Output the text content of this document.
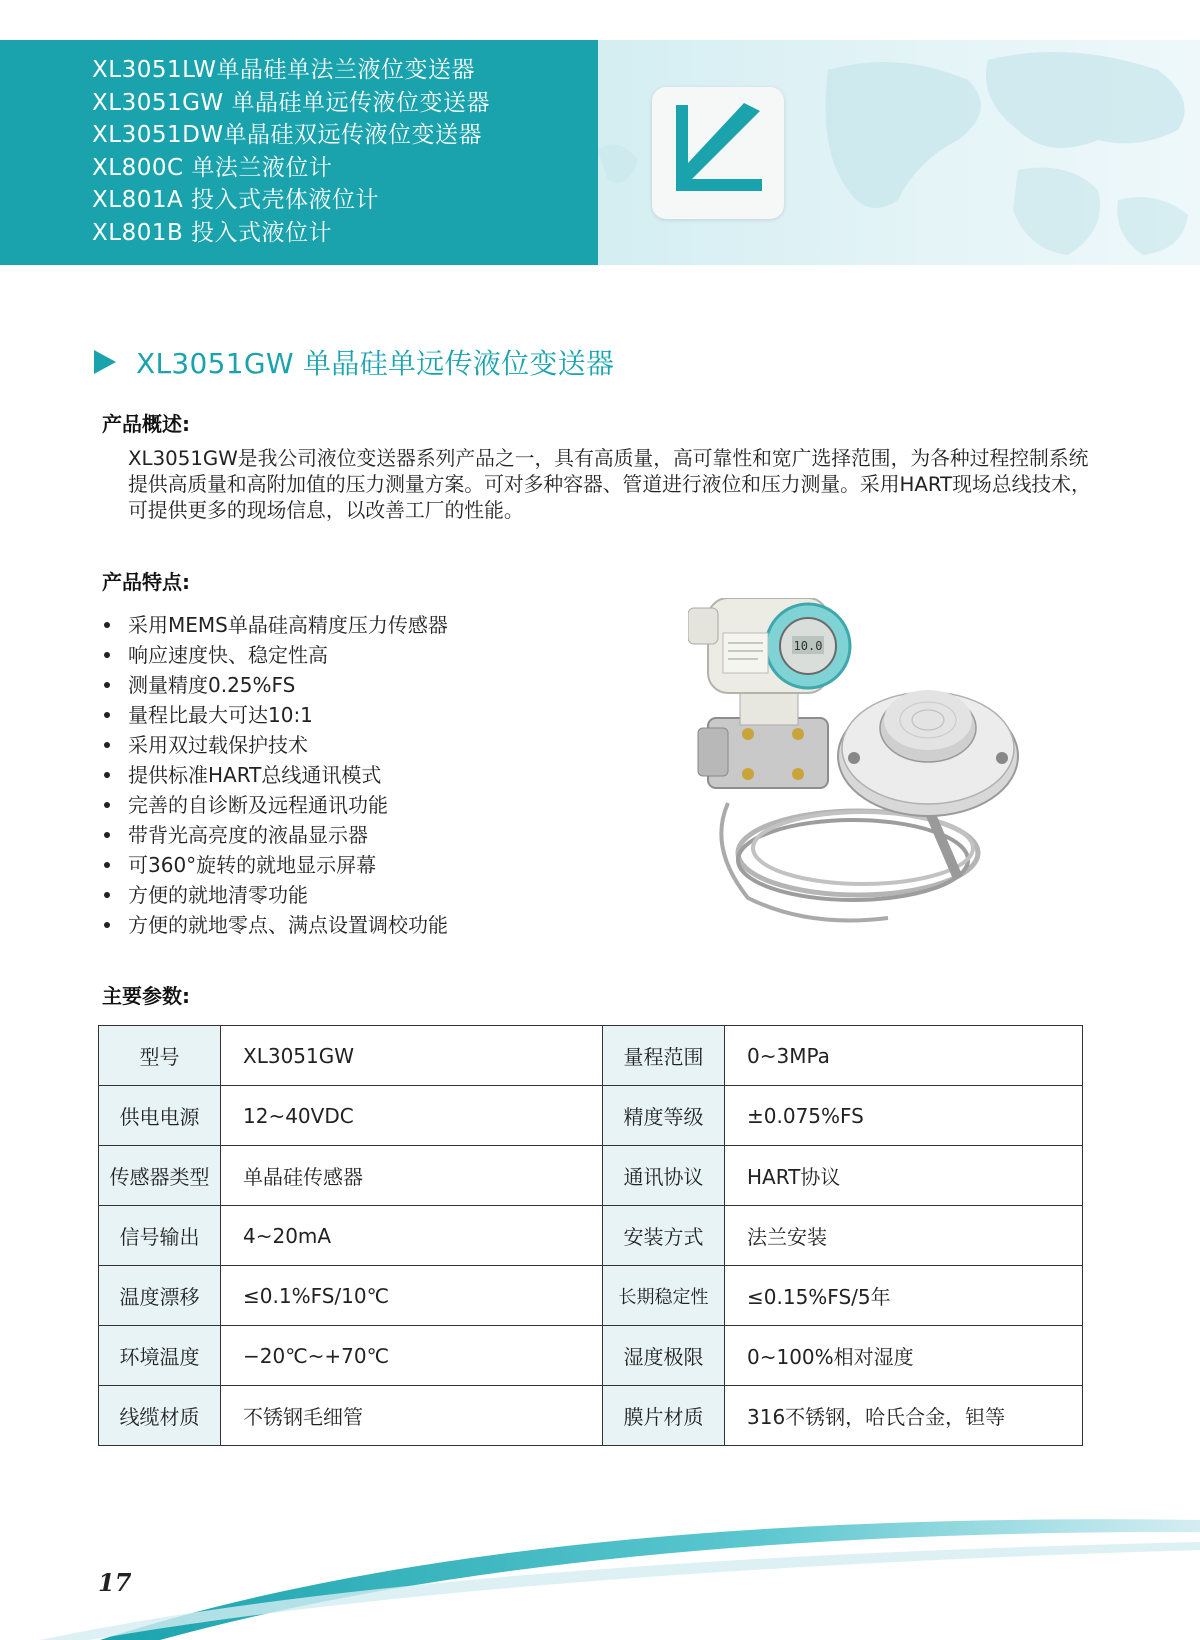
XL3051LW单晶硅单法兰液位变送器
XL3051GW 单晶硅单远传液位变送器
XL3051DW单晶硅双远传液位变送器
XL800C 单法兰液位计
XL801A 投入式壳体液位计
XL801B 投入式液位计
XL3051GW 单晶硅单远传液位变送器
产品概述:

XL3051GW是我公司液位变送器系列产品之一，具有高质量，高可靠性和宽广选择范围，为各种过程控制系统提供高质量和高附加值的压力测量方案。可对多种容器、管道进行液位和压力测量。采用HART现场总线技术，可提供更多的现场信息，以改善工厂的性能。

产品特点:
采用MEMS单晶硅高精度压力传感器
响应速度快、稳定性高
测量精度0.25%FS
量程比最大可达10:1
采用双过载保护技术
提供标准HART总线通讯模式
完善的自诊断及远程通讯功能
带背光高亮度的液晶显示器
可360°旋转的就地显示屏幕
方便的就地清零功能
方便的就地零点、满点设置调校功能
10.0
主要参数:
型号	XL3051GW	量程范围	0~3MPa
供电电源	12~40VDC	精度等级	±0.075%FS
传感器类型	单晶硅传感器	通讯协议	HART协议
信号输出	4~20mA	安装方式	法兰安装
温度漂移	≤0.1%FS/10℃	长期稳定性	≤0.15%FS/5年
环境温度	−20℃~+70℃	湿度极限	0~100%相对湿度
线缆材质	不锈钢毛细管	膜片材质	316不锈钢，哈氏合金，钽等
17
